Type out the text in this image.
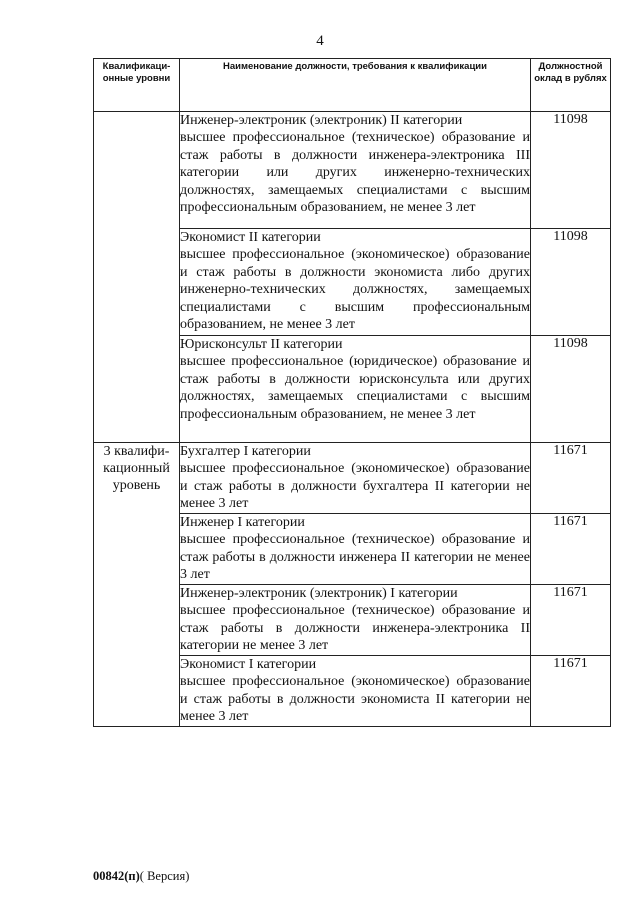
4
Квалификаци-онные уровни	Наименование должности, требования к квалификации	Должностной оклад в рублях

	Инженер-электроник (электроник) II категории
высшее профессиональное (техническое) образование и стаж работы в должности инженера-электроника III категории или других инженерно-технических должностях, замещаемых специалистами с высшим профессиональным образованием, не менее 3 лет	11098

	Экономист II категории
высшее профессиональное (экономическое) образование и стаж работы в должности экономиста либо других инженерно-технических должностях, замещаемых специалистами с высшим профессиональным образованием, не менее 3 лет	11098

	Юрисконсульт II категории
высшее профессиональное (юридическое) образование и стаж работы в должности юрисконсульта или других должностях, замещаемых специалистами с высшим профессиональным образованием, не менее 3 лет	11098
3 квалифи-кационный уровень	Бухгалтер I категории
высшее профессиональное (экономическое) образование и стаж работы в должности бухгалтера II категории не менее 3 лет	11671

	Инженер I категории
высшее профессиональное (техническое) образование и стаж работы в должности инженера II категории не менее 3 лет	11671

	Инженер-электроник (электроник) I категории
высшее профессиональное (техническое) образование и стаж работы в должности инженера-электроника II категории не менее 3 лет	11671

	Экономист I категории
высшее профессиональное (экономическое) образование и стаж работы в должности экономиста II категории не менее 3 лет	11671
00842(п)( Версия)
